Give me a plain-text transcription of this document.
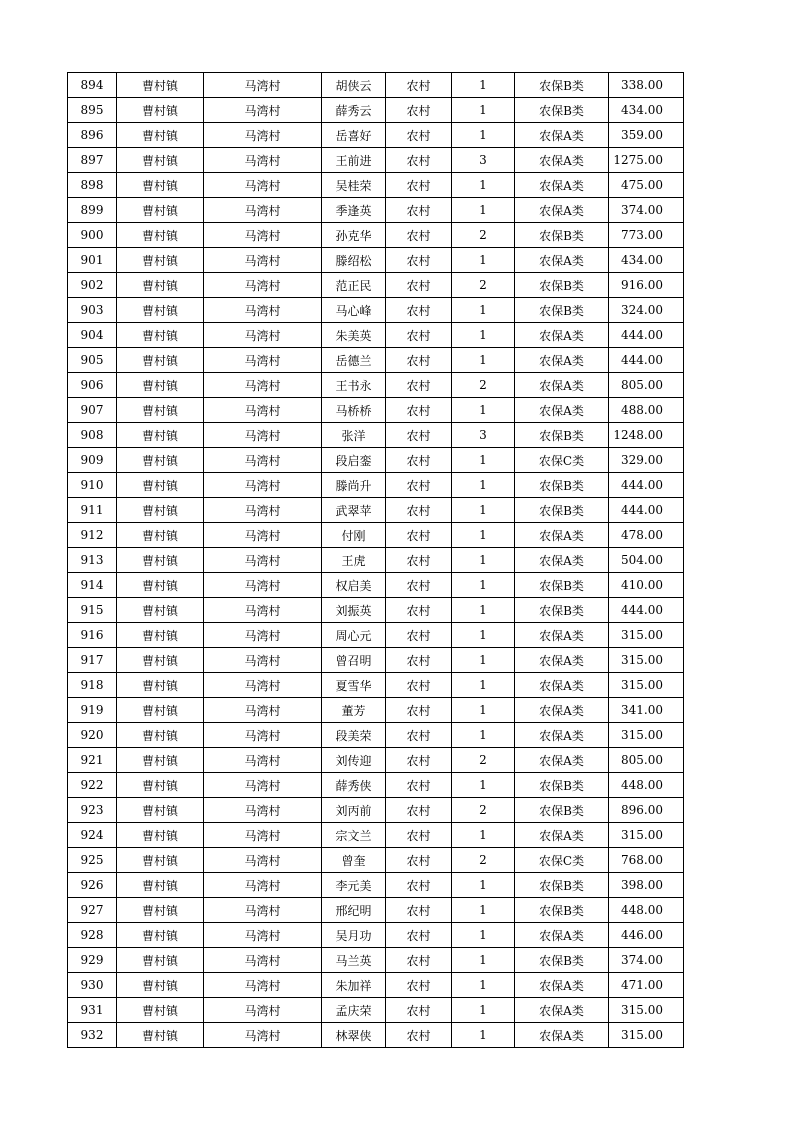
894	曹村镇	马湾村	胡侠云	农村	1	农保B类	338.00
895	曹村镇	马湾村	薛秀云	农村	1	农保B类	434.00
896	曹村镇	马湾村	岳喜好	农村	1	农保A类	359.00
897	曹村镇	马湾村	王前进	农村	3	农保A类	1275.00
898	曹村镇	马湾村	吴桂荣	农村	1	农保A类	475.00
899	曹村镇	马湾村	季逢英	农村	1	农保A类	374.00
900	曹村镇	马湾村	孙克华	农村	2	农保B类	773.00
901	曹村镇	马湾村	滕绍松	农村	1	农保A类	434.00
902	曹村镇	马湾村	范正民	农村	2	农保B类	916.00
903	曹村镇	马湾村	马心峰	农村	1	农保B类	324.00
904	曹村镇	马湾村	朱美英	农村	1	农保A类	444.00
905	曹村镇	马湾村	岳德兰	农村	1	农保A类	444.00
906	曹村镇	马湾村	王书永	农村	2	农保A类	805.00
907	曹村镇	马湾村	马桥桥	农村	1	农保A类	488.00
908	曹村镇	马湾村	张洋	农村	3	农保B类	1248.00
909	曹村镇	马湾村	段启銮	农村	1	农保C类	329.00
910	曹村镇	马湾村	滕尚升	农村	1	农保B类	444.00
911	曹村镇	马湾村	武翠苹	农村	1	农保B类	444.00
912	曹村镇	马湾村	付刚	农村	1	农保A类	478.00
913	曹村镇	马湾村	王虎	农村	1	农保A类	504.00
914	曹村镇	马湾村	权启美	农村	1	农保B类	410.00
915	曹村镇	马湾村	刘振英	农村	1	农保B类	444.00
916	曹村镇	马湾村	周心元	农村	1	农保A类	315.00
917	曹村镇	马湾村	曾召明	农村	1	农保A类	315.00
918	曹村镇	马湾村	夏雪华	农村	1	农保A类	315.00
919	曹村镇	马湾村	董芳	农村	1	农保A类	341.00
920	曹村镇	马湾村	段美荣	农村	1	农保A类	315.00
921	曹村镇	马湾村	刘传迎	农村	2	农保A类	805.00
922	曹村镇	马湾村	薛秀侠	农村	1	农保B类	448.00
923	曹村镇	马湾村	刘丙前	农村	2	农保B类	896.00
924	曹村镇	马湾村	宗文兰	农村	1	农保A类	315.00
925	曹村镇	马湾村	曾奎	农村	2	农保C类	768.00
926	曹村镇	马湾村	李元美	农村	1	农保B类	398.00
927	曹村镇	马湾村	邢纪明	农村	1	农保B类	448.00
928	曹村镇	马湾村	吴月功	农村	1	农保A类	446.00
929	曹村镇	马湾村	马兰英	农村	1	农保B类	374.00
930	曹村镇	马湾村	朱加祥	农村	1	农保A类	471.00
931	曹村镇	马湾村	孟庆荣	农村	1	农保A类	315.00
932	曹村镇	马湾村	林翠侠	农村	1	农保A类	315.00
